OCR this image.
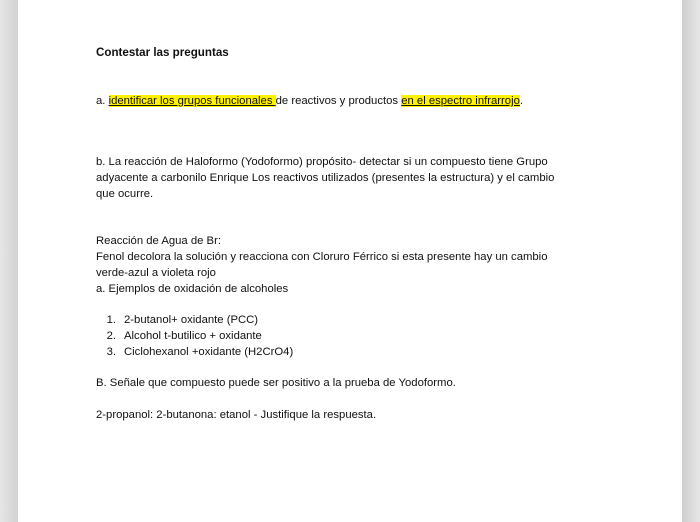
Contestar las preguntas
a. identificar los grupos funcionales de reactivos y productos en el espectro infrarrojo.
b. La reacción de Haloformo (Yodoformo) propósito- detectar si un compuesto tiene Grupo
adyacente a carbonilo Enrique Los reactivos utilizados (presentes la estructura) y el cambio
que ocurre.
Reacción de Agua de Br:
Fenol decolora la solución y reacciona con Cloruro Férrico si esta presente hay un cambio
verde-azul a violeta rojo
a. Ejemplos de oxidación de alcoholes
1. 2-butanol+ oxidante (PCC)
2. Alcohol t-butilico + oxidante
3. Ciclohexanol +oxidante (H2CrO4)
B. Señale que compuesto puede ser positivo a la prueba de Yodoformo.
2-propanol: 2-butanona: etanol - Justifique la respuesta.
